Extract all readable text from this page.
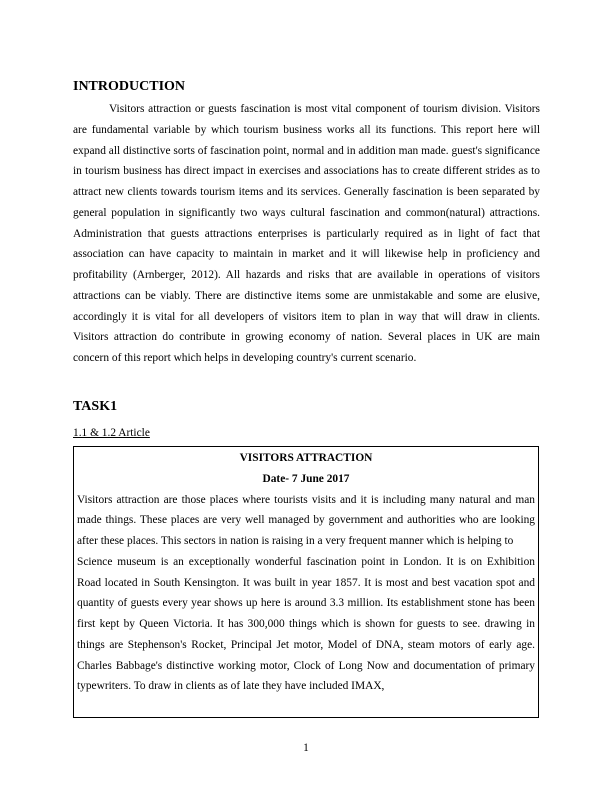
INTRODUCTION

Visitors attraction or guests fascination is most vital component of tourism division. Visitors are fundamental variable by which tourism business works all its functions. This report here will expand all distinctive sorts of fascination point, normal and in addition man made. guest's significance in tourism business has direct impact in exercises and associations has to create different strides as to attract new clients towards tourism items and its services. Generally fascination is been separated by general population in significantly two ways cultural fascination and common(natural) attractions. Administration that guests attractions enterprises is particularly required as in light of fact that association can have capacity to maintain in market and it will likewise help in proficiency and profitability (Arnberger, 2012). All hazards and risks that are available in operations of visitors attractions can be viably. There are distinctive items some are unmistakable and some are elusive, accordingly it is vital for all developers of visitors item to plan in way that will draw in clients. Visitors attraction do contribute in growing economy of nation. Several places in UK are main concern of this report which helps in developing country's current scenario.

TASK1

1.1 & 1.2 Article

VISITORS ATTRACTION

Date- 7 June 2017

Visitors attraction are those places where tourists visits and it is including many natural and man made things. These places are very well managed by government and authorities who are looking after these places. This sectors in nation is raising in a very frequent manner which is helping to

Science museum is an exceptionally wonderful fascination point in London. It is on Exhibition Road located in South Kensington. It was built in year 1857. It is most and best vacation spot and quantity of guests every year shows up here is around 3.3 million. Its establishment stone has been first kept by Queen Victoria. It has 300,000 things which is shown for guests to see. drawing in things are Stephenson's Rocket, Principal Jet motor, Model of DNA, steam motors of early age. Charles Babbage's distinctive working motor, Clock of Long Now and documentation of primary typewriters. To draw in clients as of late they have included IMAX,

1
